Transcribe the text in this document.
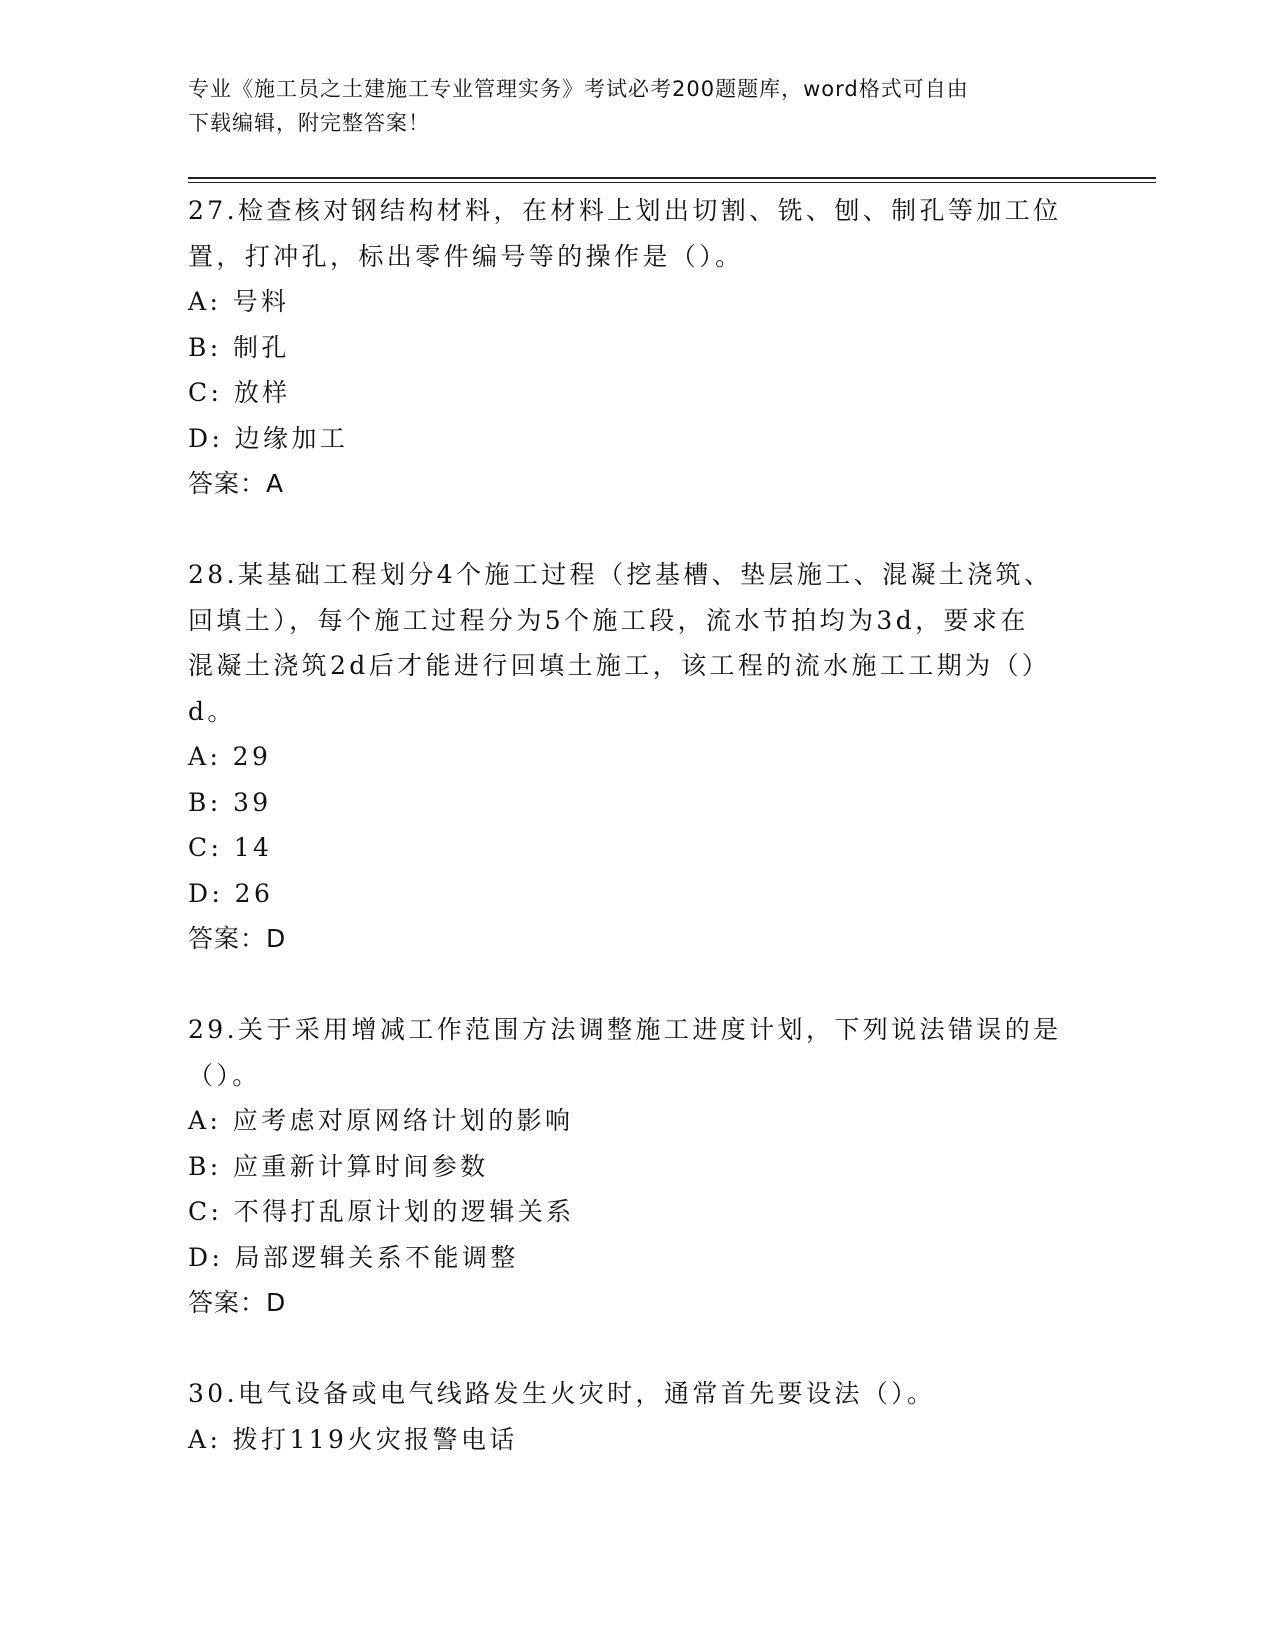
专业《施工员之土建施工专业管理实务》考试必考200题题库，word格式可自由
下载编辑，附完整答案！
27.检查核对钢结构材料，在材料上划出切割、铣、刨、制孔等加工位
置，打冲孔，标出零件编号等的操作是（）。
A: 号料
B: 制孔
C: 放样
D: 边缘加工
答案：A
28.某基础工程划分4个施工过程（挖基槽、垫层施工、混凝土浇筑、
回填土），每个施工过程分为5个施工段，流水节拍均为3d，要求在
混凝土浇筑2d后才能进行回填土施工，该工程的流水施工工期为（）
d。
A: 29
B: 39
C: 14
D: 26
答案：D
29.关于采用增减工作范围方法调整施工进度计划，下列说法错误的是
（）。
A: 应考虑对原网络计划的影响
B: 应重新计算时间参数
C: 不得打乱原计划的逻辑关系
D: 局部逻辑关系不能调整
答案：D
30.电气设备或电气线路发生火灾时，通常首先要设法（）。
A: 拨打119火灾报警电话
